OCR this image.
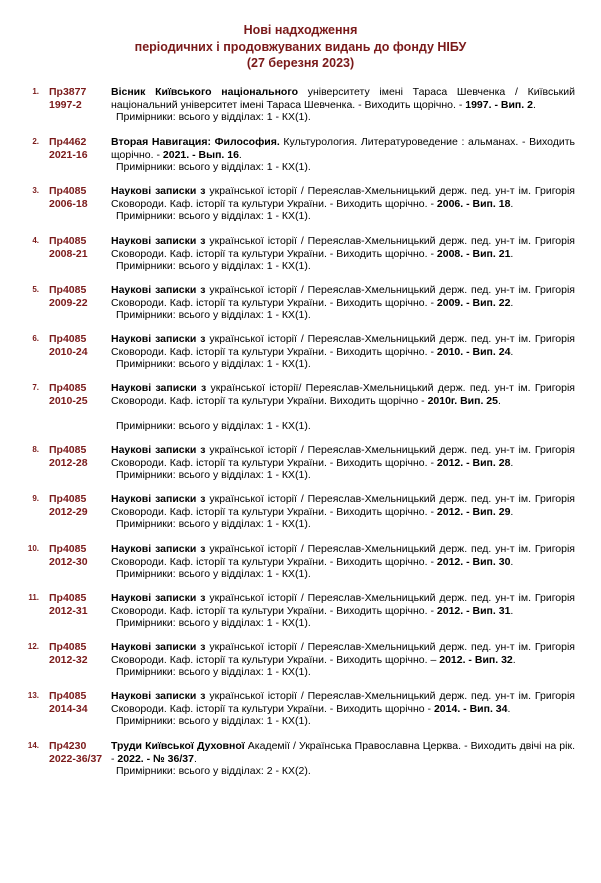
Нові надходження
періодичних і продовжуваних видань до фонду НІБУ
(27 березня 2023)
1. Пр3877
1997-2
Вісник Київського національного університету імені Тараса Шевченка / Київський національний університет імені Тараса Шевченка. - Виходить щорічно. - 1997. - Вип. 2.
Примірники: всього у відділах: 1 - КХ(1).
2. Пр4462
2021-16
Вторая Навигация: Философия. Культурология. Литературоведение : альманах. - Виходить щорічно. - 2021. - Вып. 16.
Примірники: всього у відділах: 1 - КХ(1).
3. Пр4085
2006-18
Наукові записки з української історії / Переяслав-Хмельницький держ. пед. ун-т ім. Григорія Сковороди. Каф. історії та культури України. - Виходить щорічно. - 2006. - Вип. 18.
Примірники: всього у відділах: 1 - КХ(1).
4. Пр4085
2008-21
Наукові записки з української історії / Переяслав-Хмельницький держ. пед. ун-т ім. Григорія Сковороди. Каф. історії та культури України. - Виходить щорічно. - 2008. - Вип. 21.
Примірники: всього у відділах: 1 - КХ(1).
5. Пр4085
2009-22
Наукові записки з української історії / Переяслав-Хмельницький держ. пед. ун-т ім. Григорія Сковороди. Каф. історії та культури України. - Виходить щорічно. - 2009. - Вип. 22.
Примірники: всього у відділах: 1 - КХ(1).
6. Пр4085
2010-24
Наукові записки з української історії / Переяслав-Хмельницький держ. пед. ун-т ім. Григорія Сковороди. Каф. історії та культури України. - Виходить щорічно. - 2010. - Вип. 24.
Примірники: всього у відділах: 1 - КХ(1).
7. Пр4085
2010-25
Наукові записки з української історії/ Переяслав-Хмельницький держ. пед. ун-т ім. Григорія Сковороди. Каф. історії та культури України. Виходить щорічно - 2010г. Вип. 25.
Примірники: всього у відділах: 1 - КХ(1).
8. Пр4085
2012-28
Наукові записки з української історії / Переяслав-Хмельницький держ. пед. ун-т ім. Григорія Сковороди. Каф. історії та культури України. - Виходить щорічно. - 2012. - Вип. 28.
Примірники: всього у відділах: 1 - КХ(1).
9. Пр4085
2012-29
Наукові записки з української історії / Переяслав-Хмельницький держ. пед. ун-т ім. Григорія Сковороди. Каф. історії та культури України. - Виходить щорічно. - 2012. - Вип. 29.
Примірники: всього у відділах: 1 - КХ(1).
10. Пр4085
2012-30
Наукові записки з української історії / Переяслав-Хмельницький держ. пед. ун-т ім. Григорія Сковороди. Каф. історії та культури України. - Виходить щорічно. - 2012. - Вип. 30.
Примірники: всього у відділах: 1 - КХ(1).
11. Пр4085
2012-31
Наукові записки з української історії / Переяслав-Хмельницький держ. пед. ун-т ім. Григорія Сковороди. Каф. історії та культури України. - Виходить щорічно. - 2012. - Вип. 31.
Примірники: всього у відділах: 1 - КХ(1).
12. Пр4085
2012-32
Наукові записки з української історії / Переяслав-Хмельницький держ. пед. ун-т ім. Григорія Сковороди. Каф. історії та культури України. - Виходить щорічно. – 2012. - Вип. 32.
Примірники: всього у відділах: 1 - КХ(1).
13. Пр4085
2014-34
Наукові записки з української історії / Переяслав-Хмельницький держ. пед. ун-т ім. Григорія Сковороди. Каф. історії та культури України. - Виходить щорічно - 2014. - Вип. 34.
Примірники: всього у відділах: 1 - КХ(1).
14. Пр4230
2022-36/37
Труди Київської Духовної Академії / Українська Православна Церква. - Виходить двічі на рік. - 2022. - № 36/37.
Примірники: всього у відділах: 2 - КХ(2).
